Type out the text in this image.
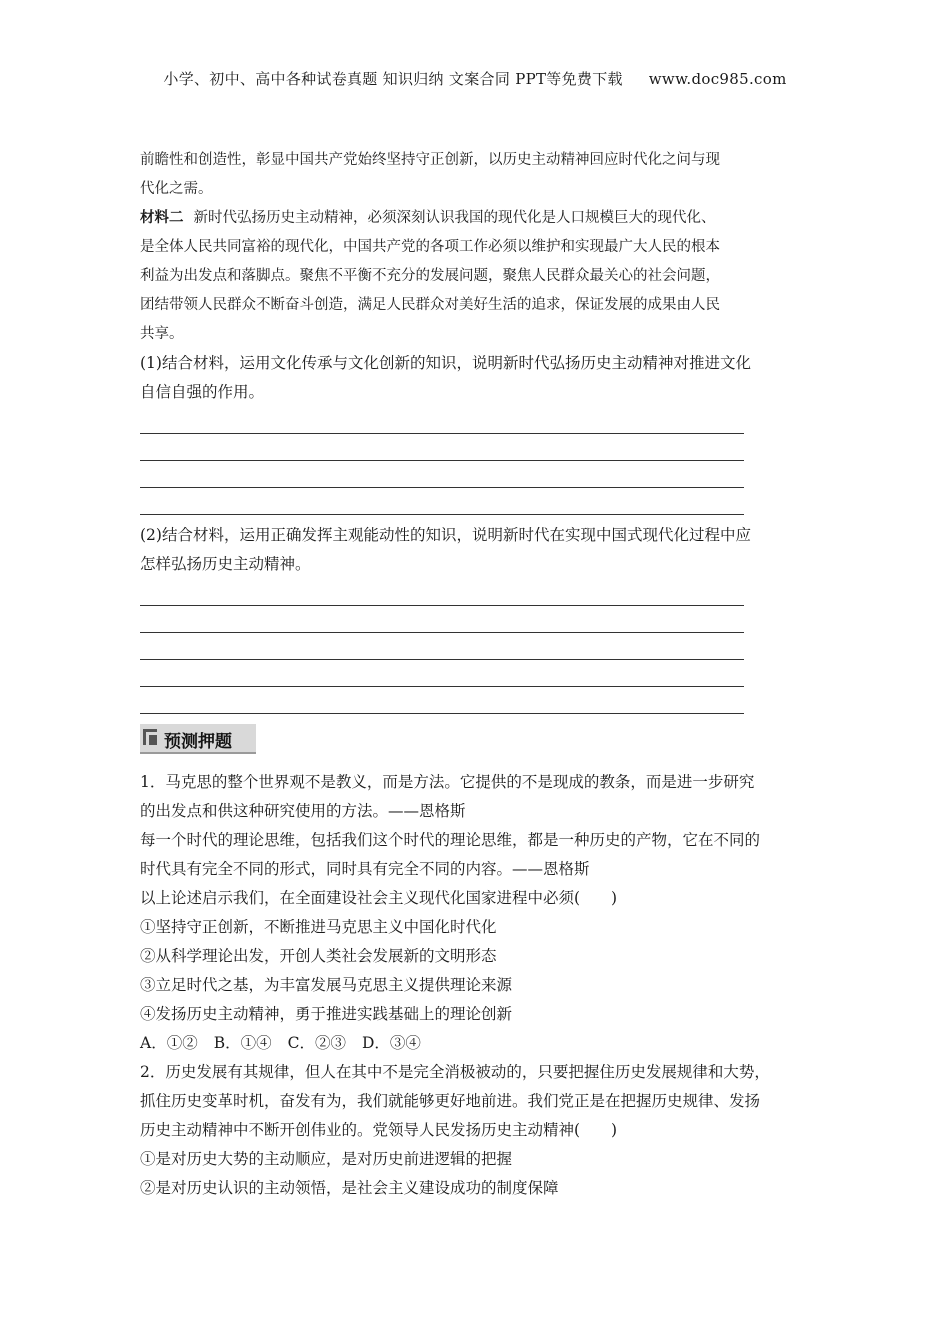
小学、初中、高中各种试卷真题 知识归纳 文案合同 PPT等免费下载 www.doc985.com
前瞻性和创造性，彰显中国共产党始终坚持守正创新，以历史主动精神回应时代化之问与现
代化之需。
材料二 新时代弘扬历史主动精神，必须深刻认识我国的现代化是人口规模巨大的现代化、
是全体人民共同富裕的现代化，中国共产党的各项工作必须以维护和实现最广大人民的根本
利益为出发点和落脚点。聚焦不平衡不充分的发展问题，聚焦人民群众最关心的社会问题，
团结带领人民群众不断奋斗创造，满足人民群众对美好生活的追求，保证发展的成果由人民
共享。
(1)结合材料，运用文化传承与文化创新的知识，说明新时代弘扬历史主动精神对推进文化
自信自强的作用。
(2)结合材料，运用正确发挥主观能动性的知识，说明新时代在实现中国式现代化过程中应
怎样弘扬历史主动精神。
预测押题
1．马克思的整个世界观不是教义，而是方法。它提供的不是现成的教条，而是进一步研究
的出发点和供这种研究使用的方法。——恩格斯
每一个时代的理论思维，包括我们这个时代的理论思维，都是一种历史的产物，它在不同的
时代具有完全不同的形式，同时具有完全不同的内容。——恩格斯
以上论述启示我们，在全面建设社会主义现代化国家进程中必须(　　)
①坚持守正创新，不断推进马克思主义中国化时代化
②从科学理论出发，开创人类社会发展新的文明形态
③立足时代之基，为丰富发展马克思主义提供理论来源
④发扬历史主动精神，勇于推进实践基础上的理论创新
A．①② B．①④ C．②③ D．③④
2．历史发展有其规律，但人在其中不是完全消极被动的，只要把握住历史发展规律和大势，
抓住历史变革时机，奋发有为，我们就能够更好地前进。我们党正是在把握历史规律、发扬
历史主动精神中不断开创伟业的。党领导人民发扬历史主动精神(　　)
①是对历史大势的主动顺应，是对历史前进逻辑的把握
②是对历史认识的主动领悟，是社会主义建设成功的制度保障
